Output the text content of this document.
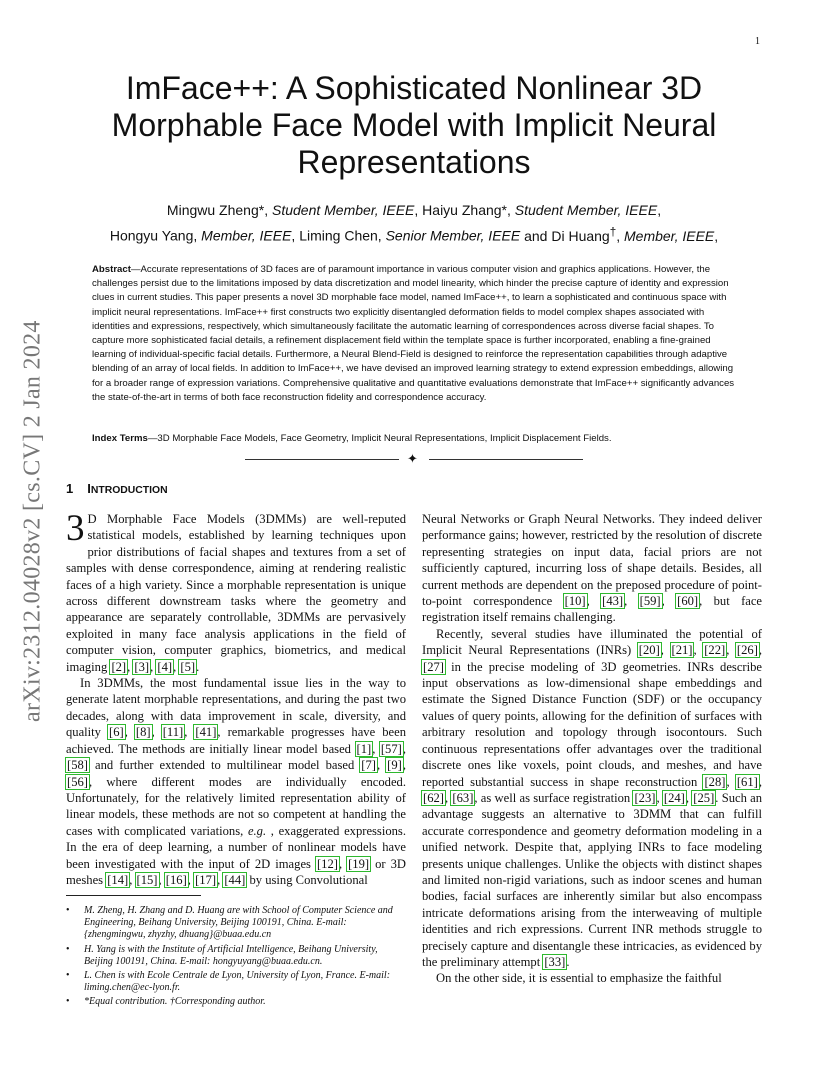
1
arXiv:2312.04028v2 [cs.CV] 2 Jan 2024
ImFace++: A Sophisticated Nonlinear 3D Morphable Face Model with Implicit Neural Representations
Mingwu Zheng*, Student Member, IEEE, Haiyu Zhang*, Student Member, IEEE,
Hongyu Yang, Member, IEEE, Liming Chen, Senior Member, IEEE and Di Huang†, Member, IEEE,
Abstract—Accurate representations of 3D faces are of paramount importance in various computer vision and graphics applications. However, the challenges persist due to the limitations imposed by data discretization and model linearity, which hinder the precise capture of identity and expression clues in current studies. This paper presents a novel 3D morphable face model, named ImFace++, to learn a sophisticated and continuous space with implicit neural representations. ImFace++ first constructs two explicitly disentangled deformation fields to model complex shapes associated with identities and expressions, respectively, which simultaneously facilitate the automatic learning of correspondences across diverse facial shapes. To capture more sophisticated facial details, a refinement displacement field within the template space is further incorporated, enabling a fine-grained learning of individual-specific facial details. Furthermore, a Neural Blend-Field is designed to reinforce the representation capabilities through adaptive blending of an array of local fields. In addition to ImFace++, we have devised an improved learning strategy to extend expression embeddings, allowing for a broader range of expression variations. Comprehensive qualitative and quantitative evaluations demonstrate that ImFace++ significantly advances the state-of-the-art in terms of both face reconstruction fidelity and correspondence accuracy.
Index Terms—3D Morphable Face Models, Face Geometry, Implicit Neural Representations, Implicit Displacement Fields.
✦
1 INTRODUCTION

3 D Morphable Face Models (3DMMs) are well-reputed statistical models, established by learning techniques upon prior distributions of facial shapes and textures from a set of samples with dense correspondence, aiming at rendering realistic faces of a high variety. Since a morphable representation is unique across different downstream tasks where the geometry and appearance are separately controllable, 3DMMs are pervasively exploited in many face analysis applications in the field of computer vision, computer graphics, biometrics, and medical imaging [2], [3], [4], [5].

In 3DMMs, the most fundamental issue lies in the way to generate latent morphable representations, and during the past two decades, along with data improvement in scale, diversity, and quality [6], [8], [11], [41], remarkable progresses have been achieved. The methods are initially linear model based [1], [57], [58] and further extended to multilinear model based [7], [9], [56], where different modes are individually encoded. Unfortunately, for the relatively limited representation ability of linear models, these methods are not so competent at handling the cases with complicated variations, e.g. , exaggerated expressions. In the era of deep learning, a number of nonlinear models have been investigated with the input of 2D images [12], [19] or 3D meshes [14], [15], [16], [17], [44] by using Convolutional

• M. Zheng, H. Zhang and D. Huang are with School of Computer Science and Engineering, Beihang University, Beijing 100191, China. E-mail:{zhengmingwu, zhyzhy, dhuang}@buaa.edu.cn
• H. Yang is with the Institute of Artificial Intelligence, Beihang University, Beijing 100191, China. E-mail: hongyuyang@buaa.edu.cn.
• L. Chen is with Ecole Centrale de Lyon, University of Lyon, France. E-mail: liming.chen@ec-lyon.fr.
• *Equal contribution. †Corresponding author.

Neural Networks or Graph Neural Networks. They indeed deliver performance gains; however, restricted by the resolution of discrete representing strategies on input data, facial priors are not sufficiently captured, incurring loss of shape details. Besides, all current methods are dependent on the preposed procedure of point-to-point correspondence [10], [43], [59], [60], but face registration itself remains challenging.

Recently, several studies have illuminated the potential of Implicit Neural Representations (INRs) [20], [21], [22], [26], [27] in the precise modeling of 3D geometries. INRs describe input observations as low-dimensional shape embeddings and estimate the Signed Distance Function (SDF) or the occupancy values of query points, allowing for the definition of surfaces with arbitrary resolution and topology through isocontours. Such continuous representations offer advantages over the traditional discrete ones like voxels, point clouds, and meshes, and have reported substantial success in shape reconstruction [28], [61], [62], [63], as well as surface registration [23], [24], [25]. Such an advantage suggests an alternative to 3DMM that can fulfill accurate correspondence and geometry deformation modeling in a unified network. Despite that, applying INRs to face modeling presents unique challenges. Unlike the objects with distinct shapes and limited non-rigid variations, such as indoor scenes and human bodies, facial surfaces are inherently similar but also encompass intricate deformations arising from the interweaving of multiple identities and rich expressions. Current INR methods struggle to precisely capture and disentangle these intricacies, as evidenced by the preliminary attempt [33].

On the other side, it is essential to emphasize the faithful
